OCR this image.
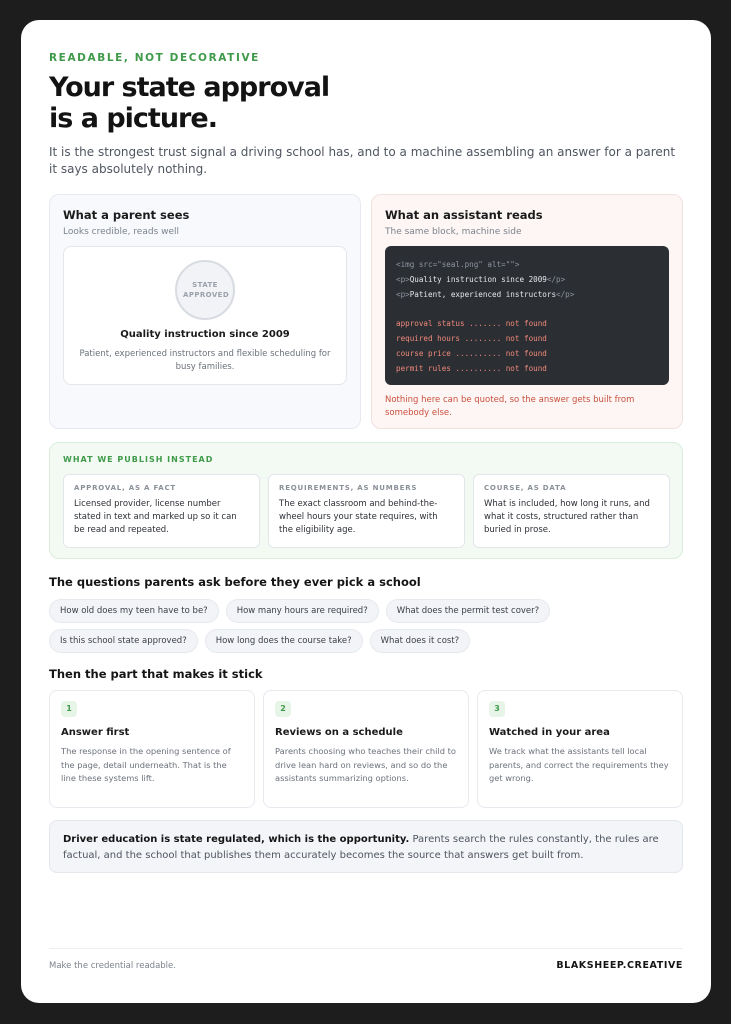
READABLE, NOT DECORATIVE
Your state approval
is a picture.

It is the strongest trust signal a driving school has, and to a machine assembling an answer for a parent it says absolutely nothing.

What a parent sees
Looks credible, reads well
STATE APPROVED
Quality instruction since 2009
Patient, experienced instructors and flexible scheduling for busy families.
What an assistant reads
The same block, machine side
<img src="seal.png" alt="">
<p>Quality instruction since 2009</p>
<p>Patient, experienced instructors</p>
approval status ....... not found
required hours ........ not found
course price .......... not found
permit rules .......... not found
Nothing here can be quoted, so the answer gets built from somebody else.
WHAT WE PUBLISH INSTEAD
APPROVAL, AS A FACT
Licensed provider, license number stated in text and marked up so it can be read and repeated.
REQUIREMENTS, AS NUMBERS
The exact classroom and behind-the-wheel hours your state requires, with the eligibility age.
COURSE, AS DATA
What is included, how long it runs, and what it costs, structured rather than buried in prose.
The questions parents ask before they ever pick a school
How old does my teen have to be?	How many hours are required?	What does the permit test cover?
Is this school state approved?	How long does the course take?	What does it cost?
Then the part that makes it stick
1
Answer first
The response in the opening sentence of the page, detail underneath. That is the line these systems lift.
2
Reviews on a schedule
Parents choosing who teaches their child to drive lean hard on reviews, and so do the assistants summarizing options.
3
Watched in your area
We track what the assistants tell local parents, and correct the requirements they get wrong.
Driver education is state regulated, which is the opportunity. Parents search the rules constantly, the rules are factual, and the school that publishes them accurately becomes the source that answers get built from.
Make the credential readable.	BLAKSHEEP.CREATIVE
